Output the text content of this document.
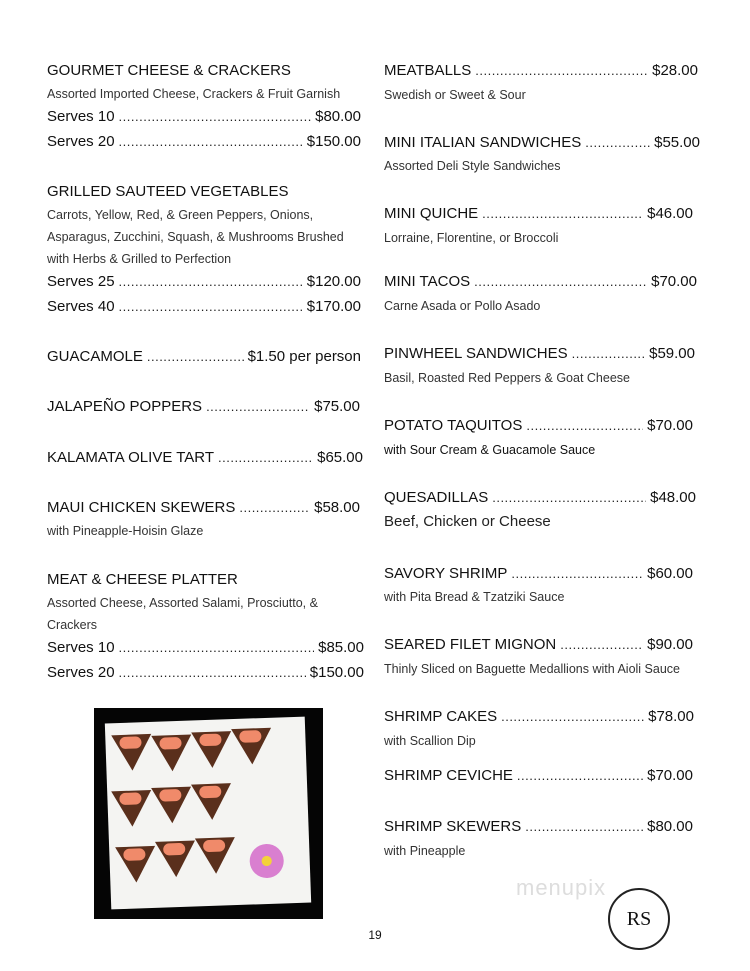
GOURMET CHEESE & CRACKERS
Assorted Imported Cheese, Crackers & Fruit Garnish
Serves 10 .....	$80.00
Serves 20 .....	$150.00
GRILLED SAUTEED VEGETABLES
Carrots, Yellow, Red, & Green Peppers, Onions,
Asparagus, Zucchini, Squash, & Mushrooms Brushed
with Herbs & Grilled to Perfection
Serves 25 .....	$120.00
Serves 40 .....	$170.00
GUACAMOLE .....	$1.50 per person
JALAPEÑO POPPERS .....	$75.00
KALAMATA OLIVE TART .....	$65.00
MAUI CHICKEN SKEWERS .....	$58.00
with Pineapple-Hoisin Glaze
MEAT & CHEESE PLATTER
Assorted Cheese, Assorted Salami, Prosciutto, &
Crackers
Serves 10 .....	$85.00
Serves 20 .....	$150.00
MEATBALLS .....	$28.00
Swedish or Sweet & Sour
MINI ITALIAN SANDWICHES .....	$55.00
Assorted Deli Style Sandwiches
MINI QUICHE .....	$46.00
Lorraine, Florentine, or Broccoli
MINI TACOS .....	$70.00
Carne Asada or Pollo Asado
PINWHEEL SANDWICHES .....	$59.00
Basil, Roasted Red Peppers & Goat Cheese
POTATO TAQUITOS .....	$70.00
with Sour Cream & Guacamole Sauce
QUESADILLAS .....	$48.00
Beef, Chicken or Cheese
SAVORY SHRIMP .....	$60.00
with Pita Bread & Tzatziki Sauce
SEARED FILET MIGNON .....	$90.00
Thinly Sliced on Baguette Medallions with Aioli Sauce
SHRIMP CAKES .....	$78.00
with Scallion Dip
SHRIMP CEVICHE .....	$70.00
SHRIMP SKEWERS .....	$80.00
with Pineapple
menupix
RS
19
